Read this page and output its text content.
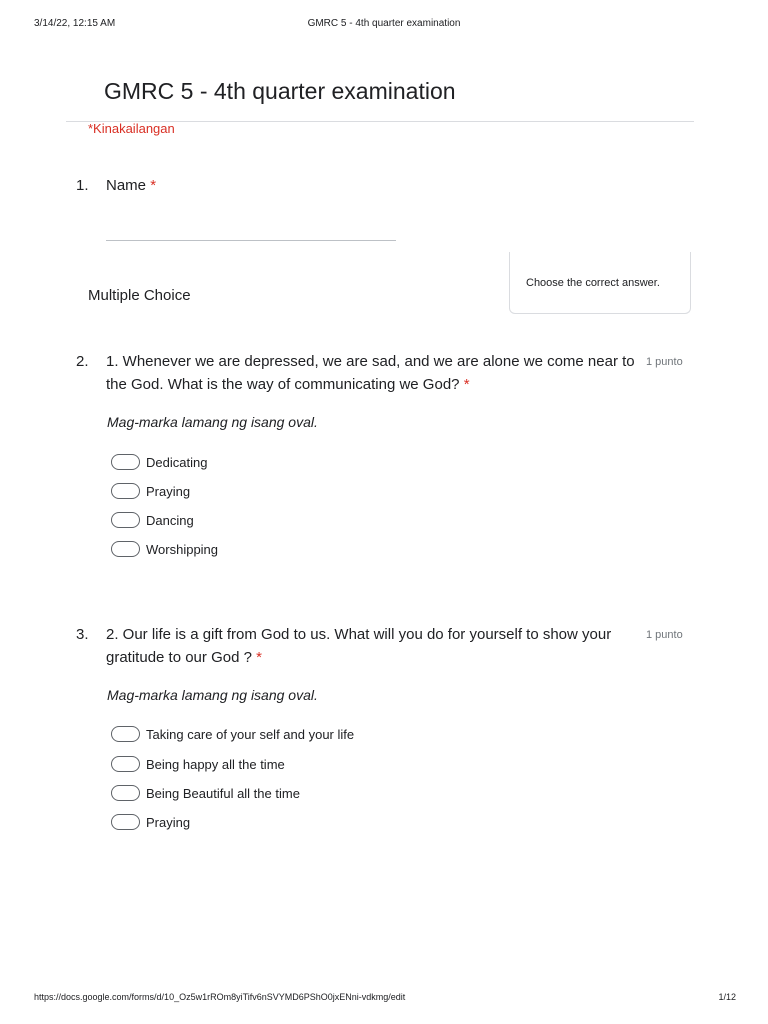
3/14/22, 12:15 AM	GMRC 5 - 4th quarter examination
GMRC 5 - 4th quarter examination
*Kinakailangan
1. Name *
Choose the correct answer.
Multiple Choice
2. 1. Whenever we are depressed, we are sad, and we are alone we come near to
the God. What is the way of communicating we God? *
1 punto
Mag-marka lamang ng isang oval.
Dedicating
Praying
Dancing
Worshipping
3. 2. Our life is a gift from God to us. What will you do for yourself to show your
gratitude to our God ? *
1 punto
Mag-marka lamang ng isang oval.
Taking care of your self and your life
Being happy all the time
Being Beautiful all the time
Praying
https://docs.google.com/forms/d/10_Oz5w1rROm8yiTifv6nSVYMD6PShO0jxENni-vdkmg/edit	1/12
